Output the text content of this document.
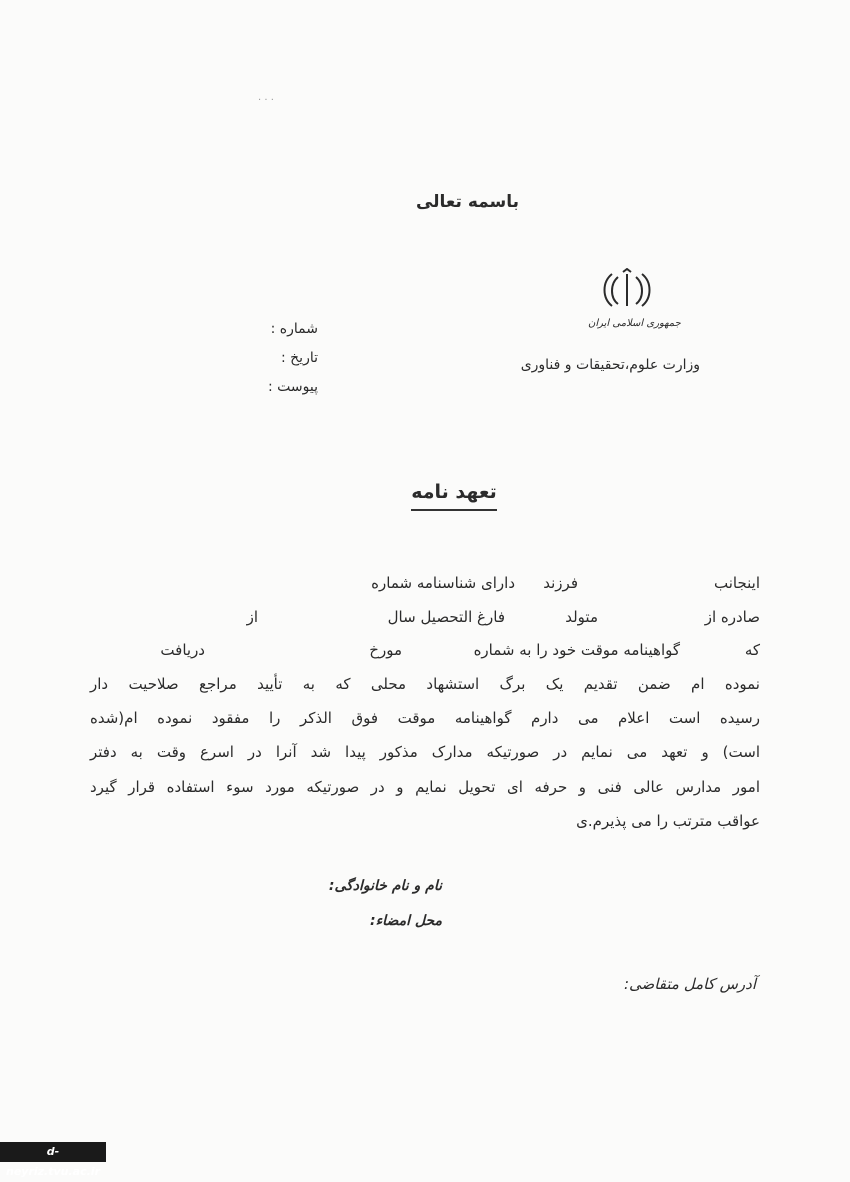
· · ·
باسمه تعالی
جمهوری اسلامی ایران
وزارت علوم،تحقیقات و فناوری
شماره :
تاریخ :
پیوست :
تعهد نامه
اینجانب
فرزند
دارای شناسنامه شماره
صادره از
متولد
فارغ التحصیل سال
از
که
گواهینامه موقت خود را به شماره
مورخ
دریافت
نموده ام ضمن تقدیم یک برگ استشهاد محلی که به تأیید مراجع صلاحیت دار
رسیده است اعلام می دارم گواهینامه موقت فوق الذکر را مفقود نموده ام(شده
است) و تعهد می نمایم در صورتیکه مدارک مذکور پیدا شد آنرا در اسرع وقت به دفتر
امور مدارس عالی فنی و حرفه ای تحویل نمایم و در صورتیکه مورد سوء استفاده قرار گیرد
عواقب مترتب را می پذیرم.ی
نام و نام خانوادگی:
محل امضاء:
آدرس کامل متقاضی:
d-neyriz.tvu.ac.ir
